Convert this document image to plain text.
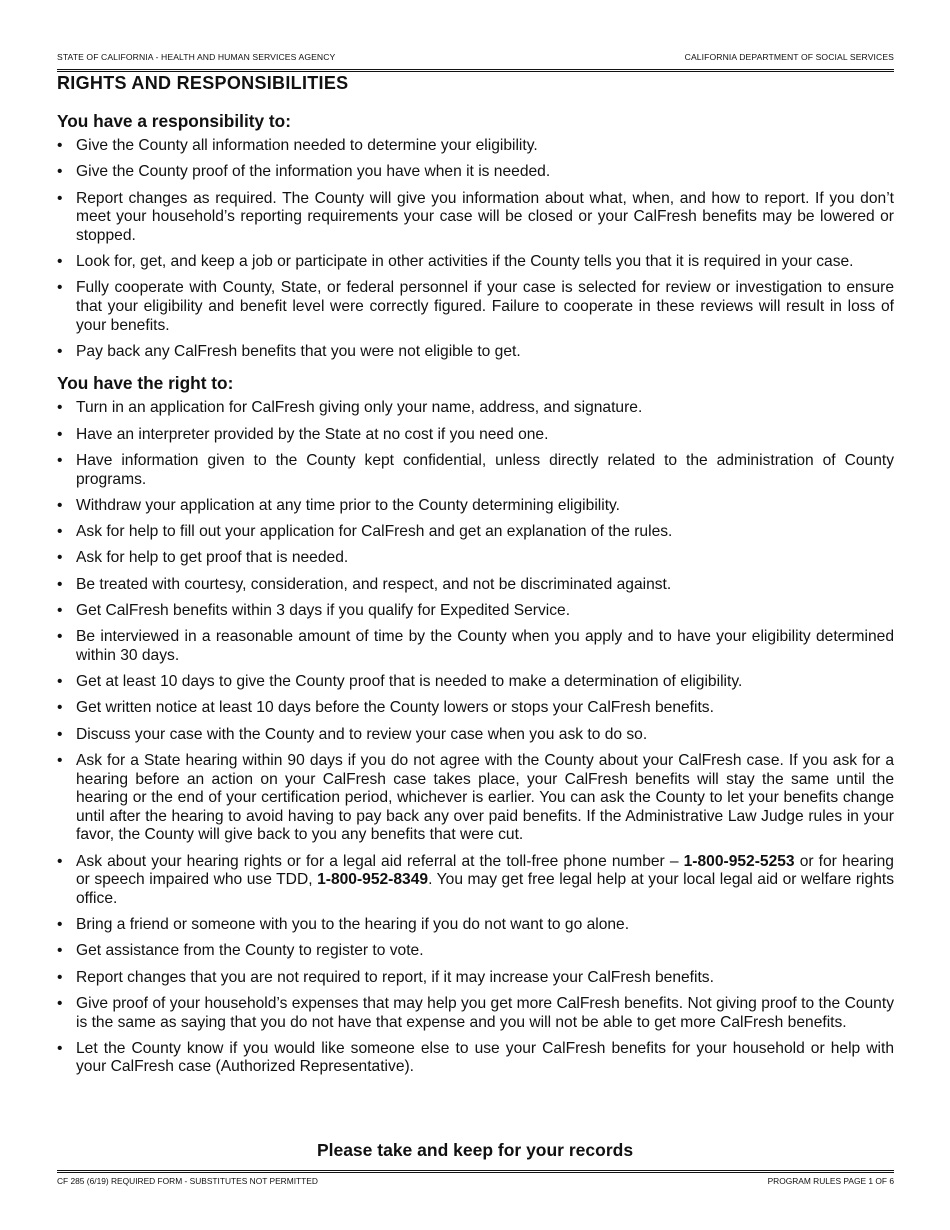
STATE OF CALIFORNIA - HEALTH AND HUMAN SERVICES AGENCY	CALIFORNIA DEPARTMENT OF SOCIAL SERVICES
RIGHTS AND RESPONSIBILITIES
You have a responsibility to:
• Give the County all information needed to determine your eligibility.
• Give the County proof of the information you have when it is needed.
• Report changes as required. The County will give you information about what, when, and how to report. If you don’t meet your household’s reporting requirements your case will be closed or your CalFresh benefits may be lowered or stopped.
• Look for, get, and keep a job or participate in other activities if the County tells you that it is required in your case.
• Fully cooperate with County, State, or federal personnel if your case is selected for review or investigation to ensure that your eligibility and benefit level were correctly figured. Failure to cooperate in these reviews will result in loss of your benefits.
• Pay back any CalFresh benefits that you were not eligible to get.
You have the right to:
• Turn in an application for CalFresh giving only your name, address, and signature.
• Have an interpreter provided by the State at no cost if you need one.
• Have information given to the County kept confidential, unless directly related to the administration of County programs.
• Withdraw your application at any time prior to the County determining eligibility.
• Ask for help to fill out your application for CalFresh and get an explanation of the rules.
• Ask for help to get proof that is needed.
• Be treated with courtesy, consideration, and respect, and not be discriminated against.
• Get CalFresh benefits within 3 days if you qualify for Expedited Service.
• Be interviewed in a reasonable amount of time by the County when you apply and to have your eligibility determined within 30 days.
• Get at least 10 days to give the County proof that is needed to make a determination of eligibility.
• Get written notice at least 10 days before the County lowers or stops your CalFresh benefits.
• Discuss your case with the County and to review your case when you ask to do so.
• Ask for a State hearing within 90 days if you do not agree with the County about your CalFresh case. If you ask for a hearing before an action on your CalFresh case takes place, your CalFresh benefits will stay the same until the hearing or the end of your certification period, whichever is earlier. You can ask the County to let your benefits change until after the hearing to avoid having to pay back any over paid benefits. If the Administrative Law Judge rules in your favor, the County will give back to you any benefits that were cut.
• Ask about your hearing rights or for a legal aid referral at the toll-free phone number – 1-800-952-5253 or for hearing or speech impaired who use TDD, 1-800-952-8349. You may get free legal help at your local legal aid or welfare rights office.
• Bring a friend or someone with you to the hearing if you do not want to go alone.
• Get assistance from the County to register to vote.
• Report changes that you are not required to report, if it may increase your CalFresh benefits.
• Give proof of your household’s expenses that may help you get more CalFresh benefits. Not giving proof to the County is the same as saying that you do not have that expense and you will not be able to get more CalFresh benefits.
• Let the County know if you would like someone else to use your CalFresh benefits for your household or help with your CalFresh case (Authorized Representative).
Please take and keep for your records
CF 285 (6/19) REQUIRED FORM - SUBSTITUTES NOT PERMITTED	PROGRAM RULES PAGE 1 OF 6
